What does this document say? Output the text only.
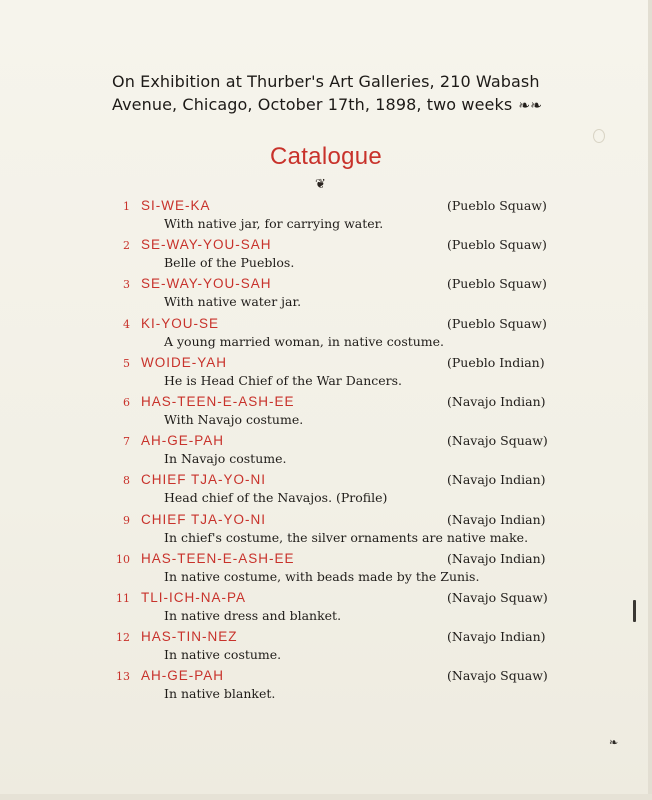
On Exhibition at Thurber's Art Galleries, 210 Wabash
Avenue, Chicago, October 17th, 1898, two weeks ❧❧
Catalogue
❦
1 SI-WE-KA	(Pueblo Squaw)
With native jar, for carrying water.
2 SE-WAY-YOU-SAH	(Pueblo Squaw)
Belle of the Pueblos.
3 SE-WAY-YOU-SAH	(Pueblo Squaw)
With native water jar.
4 KI-YOU-SE	(Pueblo Squaw)
A young married woman, in native costume.
5 WOIDE-YAH	(Pueblo Indian)
He is Head Chief of the War Dancers.
6 HAS-TEEN-E-ASH-EE	(Navajo Indian)
With Navajo costume.
7 AH-GE-PAH	(Navajo Squaw)
In Navajo costume.
8 CHIEF TJA-YO-NI	(Navajo Indian)
Head chief of the Navajos. (Profile)
9 CHIEF TJA-YO-NI	(Navajo Indian)
In chief's costume, the silver ornaments are native make.
10 HAS-TEEN-E-ASH-EE	(Navajo Indian)
In native costume, with beads made by the Zunis.
11 TLI-ICH-NA-PA	(Navajo Squaw)
In native dress and blanket.
12 HAS-TIN-NEZ	(Navajo Indian)
In native costume.
13 AH-GE-PAH	(Navajo Squaw)
In native blanket.
❧
